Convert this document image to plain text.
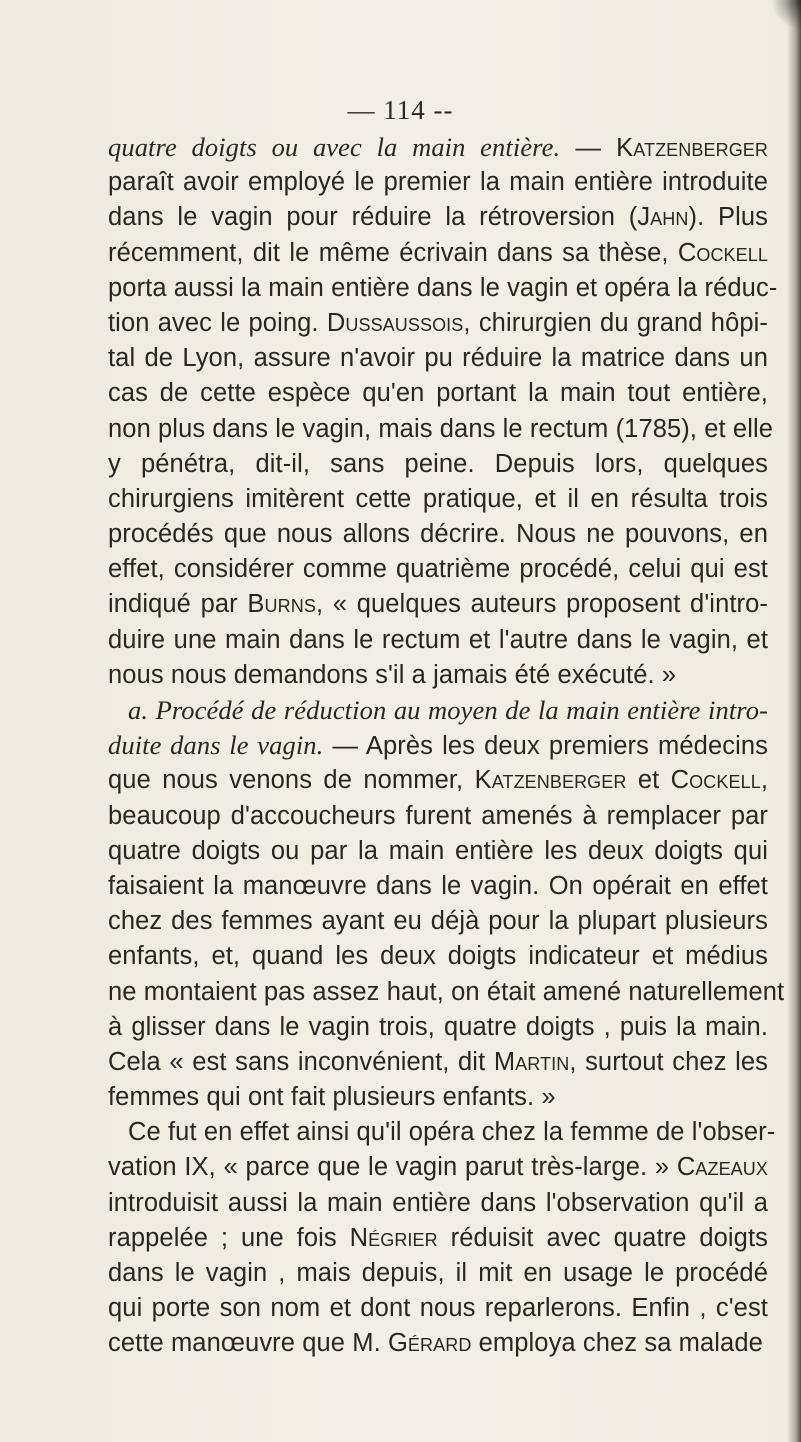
— 114 --
quatre doigts ou avec la main entière. — Katzenberger
paraît avoir employé le premier la main entière introduite
dans le vagin pour réduire la rétroversion (Jahn). Plus
récemment, dit le même écrivain dans sa thèse, Cockell
porta aussi la main entière dans le vagin et opéra la réduc-
tion avec le poing. Dussaussois, chirurgien du grand hôpi-
tal de Lyon, assure n'avoir pu réduire la matrice dans un
cas de cette espèce qu'en portant la main tout entière,
non plus dans le vagin, mais dans le rectum (1785), et elle
y pénétra, dit-il, sans peine. Depuis lors, quelques
chirurgiens imitèrent cette pratique, et il en résulta trois
procédés que nous allons décrire. Nous ne pouvons, en
effet, considérer comme quatrième procédé, celui qui est
indiqué par Burns, « quelques auteurs proposent d'intro-
duire une main dans le rectum et l'autre dans le vagin, et
nous nous demandons s'il a jamais été exécuté. »
a. Procédé de réduction au moyen de la main entière intro-
duite dans le vagin. — Après les deux premiers médecins
que nous venons de nommer, Katzenberger et Cockell,
beaucoup d'accoucheurs furent amenés à remplacer par
quatre doigts ou par la main entière les deux doigts qui
faisaient la manœuvre dans le vagin. On opérait en effet
chez des femmes ayant eu déjà pour la plupart plusieurs
enfants, et, quand les deux doigts indicateur et médius
ne montaient pas assez haut, on était amené naturellement
à glisser dans le vagin trois, quatre doigts , puis la main.
Cela « est sans inconvénient, dit Martin, surtout chez les
femmes qui ont fait plusieurs enfants. »
Ce fut en effet ainsi qu'il opéra chez la femme de l'obser-
vation IX, « parce que le vagin parut très-large. » Cazeaux
introduisit aussi la main entière dans l'observation qu'il a
rappelée ; une fois Négrier réduisit avec quatre doigts
dans le vagin , mais depuis, il mit en usage le procédé
qui porte son nom et dont nous reparlerons. Enfin , c'est
cette manœuvre que M. Gérard employa chez sa malade
